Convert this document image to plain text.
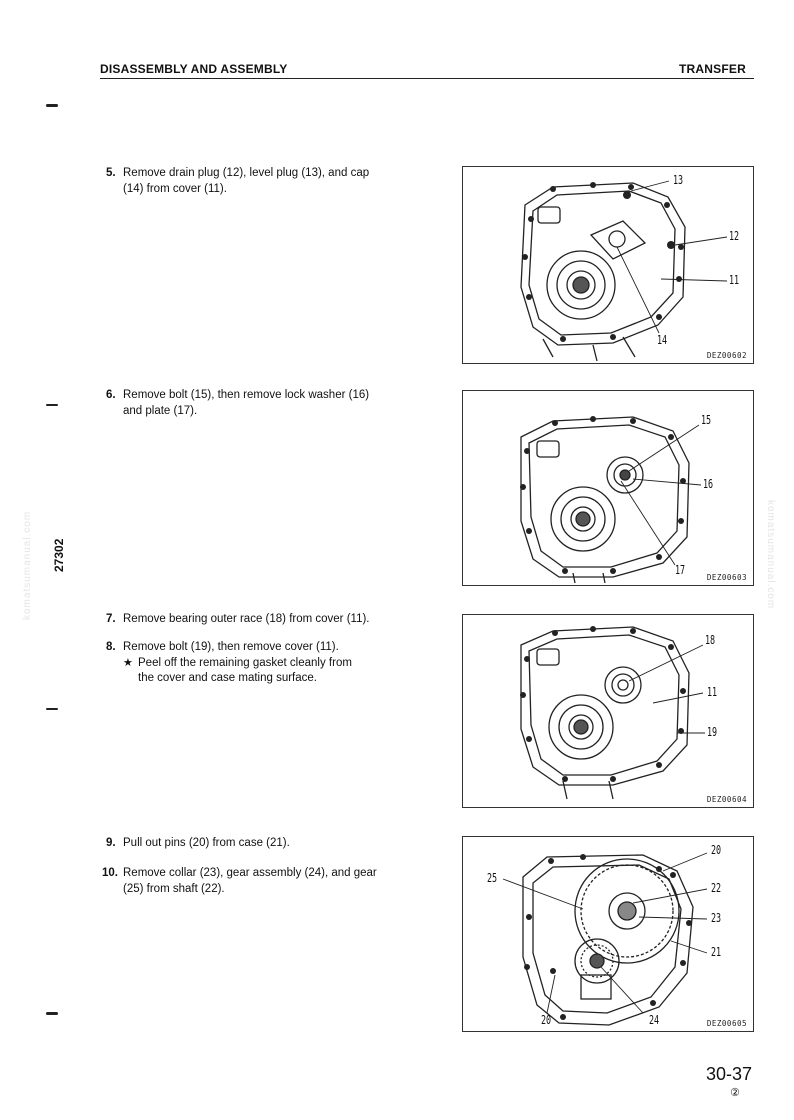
DISASSEMBLY AND ASSEMBLY	TRANSFER
27302
komatsumanual.com	komatsumanual.com
5. Remove drain plug (12), level plug (13), and cap
(14) from cover (11).
6. Remove bolt (15), then remove lock washer (16)
and plate (17).
7. Remove bearing outer race (18) from cover (11).
8. Remove bolt (19), then remove cover (11).
★ Peel off the remaining gasket cleanly from
the cover and case mating surface.
9. Pull out pins (20) from case (21).
10. Remove collar (23), gear assembly (24), and gear
(25) from shaft (22).
13
12
11
14
DEZ00602
15
16
17
DEZ00603
18
11
19
DEZ00604
20
25
22
23
21
20	24	DEZ00605
30-37
②
